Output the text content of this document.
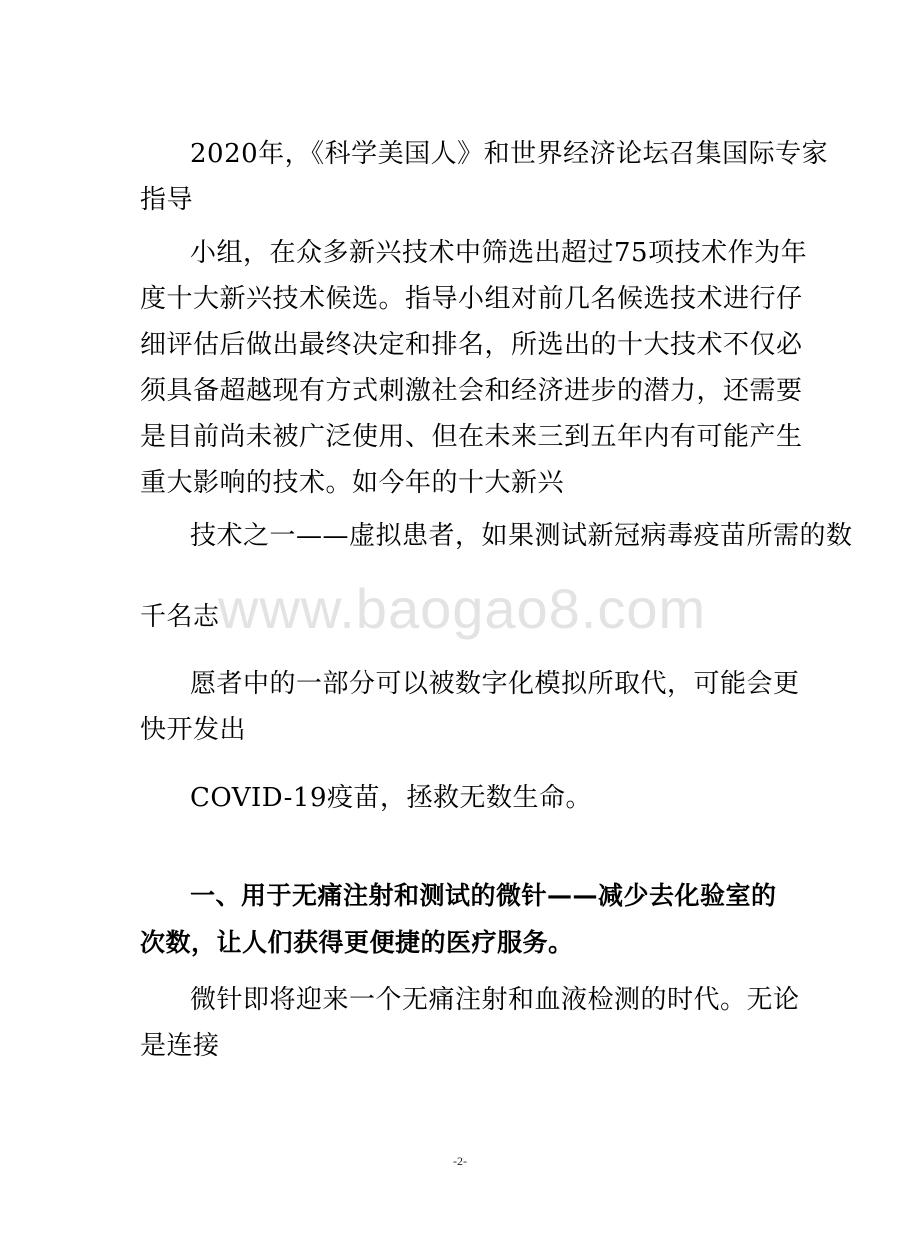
2020年，《科学美国人》和世界经济论坛召集国际专家
指导
小组，在众多新兴技术中筛选出超过75项技术作为年
度十大新兴技术候选。指导小组对前几名候选技术进行仔
细评估后做出最终决定和排名，所选出的十大技术不仅必
须具备超越现有方式刺激社会和经济进步的潜力，还需要
是目前尚未被广泛使用、但在未来三到五年内有可能产生
重大影响的技术。如今年的十大新兴
技术之一——虚拟患者，如果测试新冠病毒疫苗所需的数
www.baogao8.com
千名志
愿者中的一部分可以被数字化模拟所取代，可能会更
快开发出
COVID-19疫苗，拯救无数生命。
一、用于无痛注射和测试的微针——减少去化验室的
次数，让人们获得更便捷的医疗服务。
微针即将迎来一个无痛注射和血液检测的时代。无论
是连接
-2-
